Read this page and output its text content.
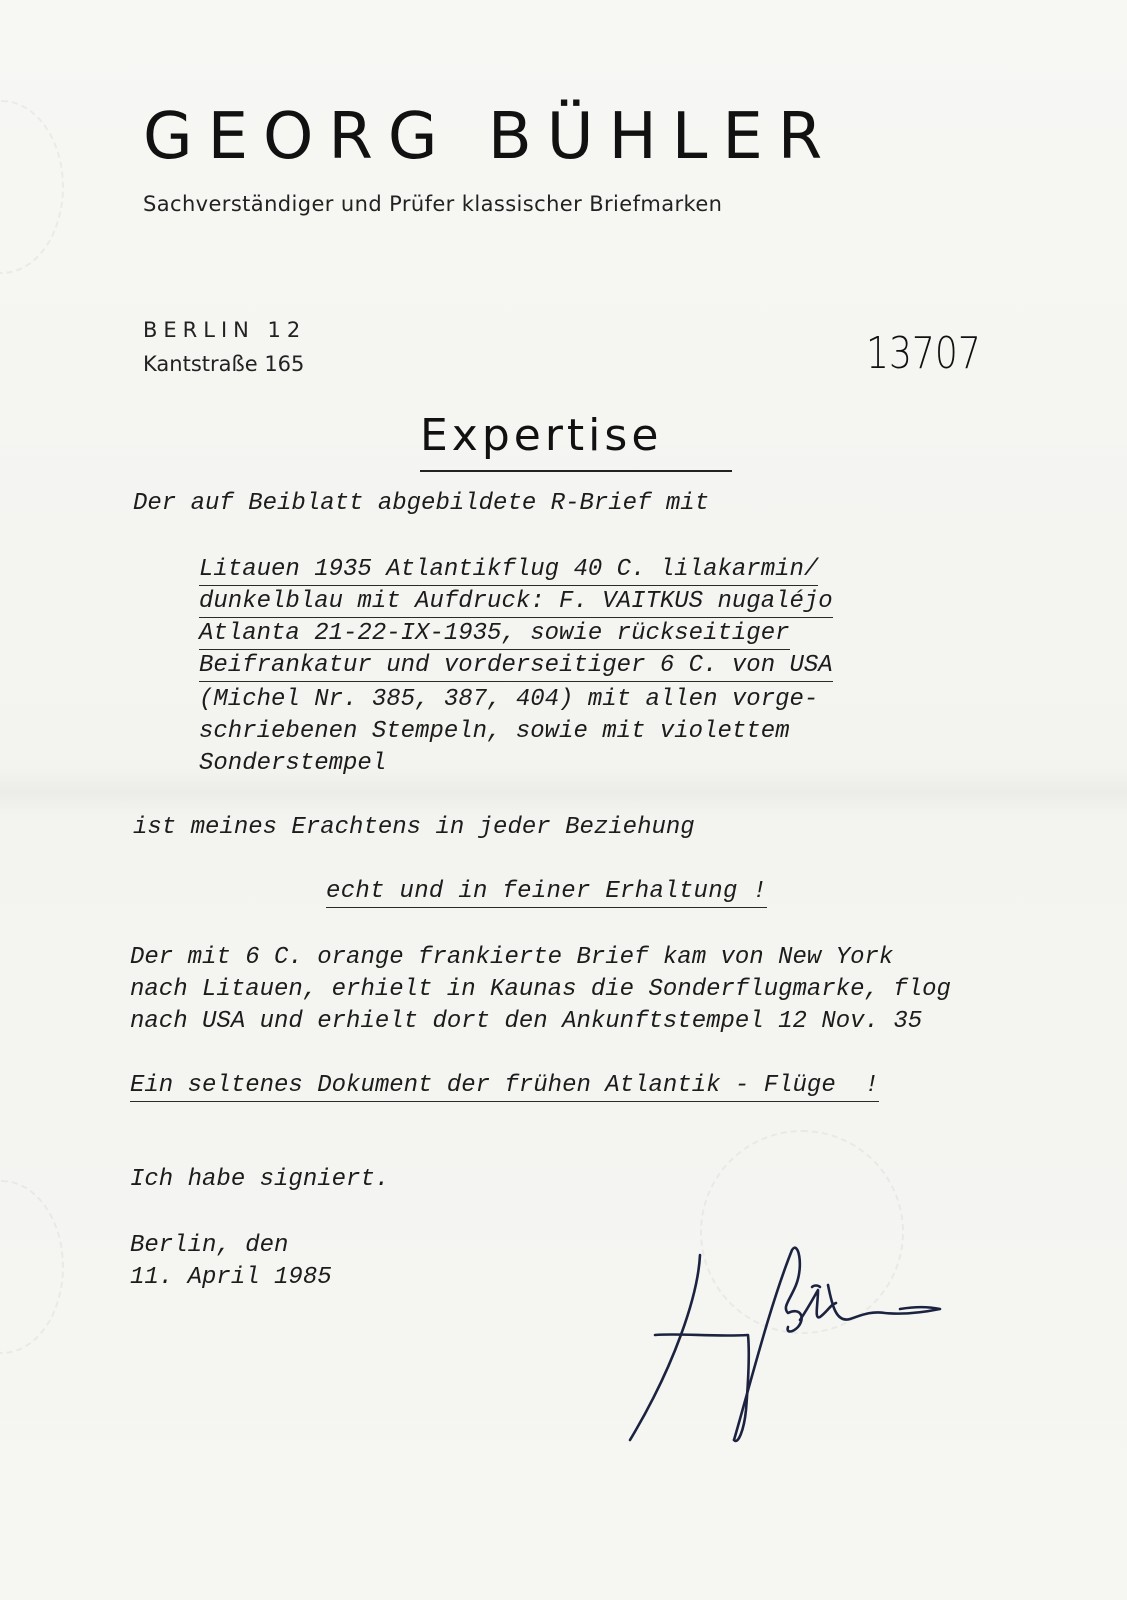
GEORG BÜHLER
Sachverständiger und Prüfer klassischer Briefmarken
BERLIN 12
Kantstraße 165	13707
Expertise
Der auf Beiblatt abgebildete R-Brief mit
Litauen 1935 Atlantikflug 40 C. lilakarmin/
dunkelblau mit Aufdruck: F. VAITKUS nugaléjo
Atlanta 21-22-IX-1935, sowie rückseitiger
Beifrankatur und vorderseitiger 6 C. von USA
(Michel Nr. 385, 387, 404) mit allen vorge-
schriebenen Stempeln, sowie mit violettem
Sonderstempel
ist meines Erachtens in jeder Beziehung
echt und in feiner Erhaltung !
Der mit 6 C. orange frankierte Brief kam von New York
nach Litauen, erhielt in Kaunas die Sonderflugmarke, flog
nach USA und erhielt dort den Ankunftstempel 12 Nov. 35
Ein seltenes Dokument der frühen Atlantik - Flüge  !
Ich habe signiert.
Berlin, den
11. April 1985
